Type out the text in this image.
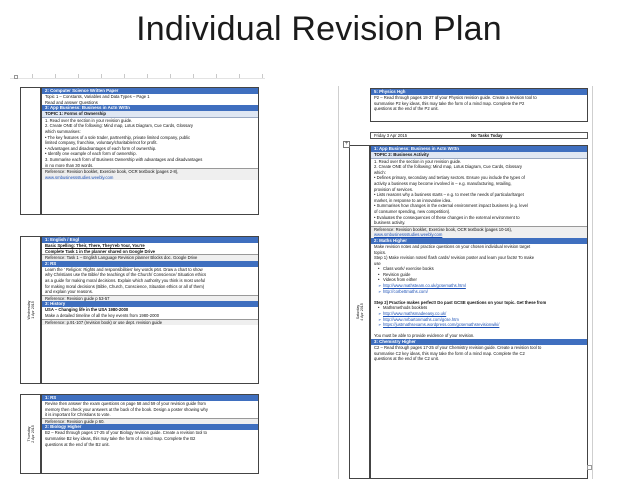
Individual Revision Plan
2: Computer Science Written Paper
Topic 1 – Constants, Variables and Data Types – Page 1
Read and answer Questions
3: App Business: Business in Actn Wrttn
TOPIC 1: Forms of Ownership
1. Read over the section in your revision guide.
2. Create ONE of the following: Mind map, Lotus Diagram, Cue Cards, Glossary
which summarises:
• The key features of a sole trader, partnership, private limited company, public
limited company, franchise, voluntary/charitable/not for profit.
• Advantages and disadvantages of each form of ownership.
• Identify one example of each form of ownership.
3. Summarise each form of Business Ownership with advantages and disadvantages
in no more than 30 words.
Reference: Revision booklet, Exercise book, OCR textbook (pages 2-8),
www.smbusinessstudies.weebly.com
Wednesday
1 Apr 2015
1: English / Engl
Basic Spelling: Their, There, They’reb Your, You’re
Complete Task 1 in the planner shared on Google Drive
Reference: Task 1 – English Language Revision planner Blocks doc. Google Drive
2: RS
Learn the ‘ Religion: Rights and responsibilities’ key words p64. Draw a chart to show
why Christians use the Bible/ the teachings of the Church/ Conscience/ Situation ethics
as a guide for making moral decisions. Explain which authority you think is most useful
for making moral decisions (Bible, Church, Conscience, Situation ethics or all of them)
and explain your reasons.
Reference: Revision guide p 53-57
3: History
USA – Changing life in the USA 1980-2000
Make a detailed timeline of all the key events from 1980-2000
Reference: p.91-107 (revision book) or use dept. revision guide
Thursday
2 Apr 2015
1: RS
Revise then answer the exam questions on page 58 and 59 of your revision guide from
memory then check your answers at the back of the book. Design a poster showing why
it is important for Christians to vote.
Reference: Revision guide p 60.
2: Biology Higher
B2 – Read through pages 17-25 of your Biology revision guide. Create a revision tool to
summarise B2 key ideas, this may take the form of a mind map. Complete the B2
questions at the end of the B2 unit.
5: Physics Hgh
P2 – Read through pages 18-27 of your Physics revision guide. Create a revision tool to
summarise P2 key ideas, this may take the form of a mind map. Complete the P2
questions at the end of the P2 unit.
Friday 3 Apr 2015	No Tasks Today
Saturday
4 Apr 2015
1: App Business: Business in Actn Wrttn
TOPIC 2: Business Activity
1. Read over the section in your revision guide.
2. Create ONE of the following: Mind map, Lotus Diagram, Cue Cards, Glossary
which:
• Defines primary, secondary and tertiary sectors. Ensure you include the types of
activity a business may become involved in – e.g. manufacturing, retailing,
provision of services.
• Lists reasons why a business starts – e.g. to meet the needs of particular/target
market, in response to an innovative idea.
• Summarises how changes in the external environment impact business (e.g. level
of consumer spending, new competition).
• Evaluates the consequences of these changes in the external environment to
business activity.
Reference: Revision booklet, Exercise book, OCR textbook (pages 10-16),
www.smbusinessstudies.weebly.com
2: Maths Higher
Make revision notes and practice questions on your chosen individual revision target
topics.
Step 1) Make revision notes/ flash cards/ revision poster and learn your facts! To make
use
• Class work/ exercise books
• Revision guide
• Videos from either
➢ http://www.mathsteam.co.uk/gcsemaths.html
➢ http://corbettmaths.com/

Step 2) Practice makes perfect! Do past GCSE questions on your topic. Get these from
• Mathsmethods booklets
➢ http://www.mathsmadeeasy.co.uk/
➢ http://www.mrbartonmaths.com/gcse.htm
➢ https://justmathsexams.wordpress.com/gcsemathsrevisionwiki/

You must be able to provide evidence of your revision.
3: Chemistry Higher
C2 – Read through pages 17-25 of your Chemistry revision guide. Create a revision tool to
summarise C2 key ideas, this may take the form of a mind map. Complete the C2
questions at the end of the C2 unit.
+
